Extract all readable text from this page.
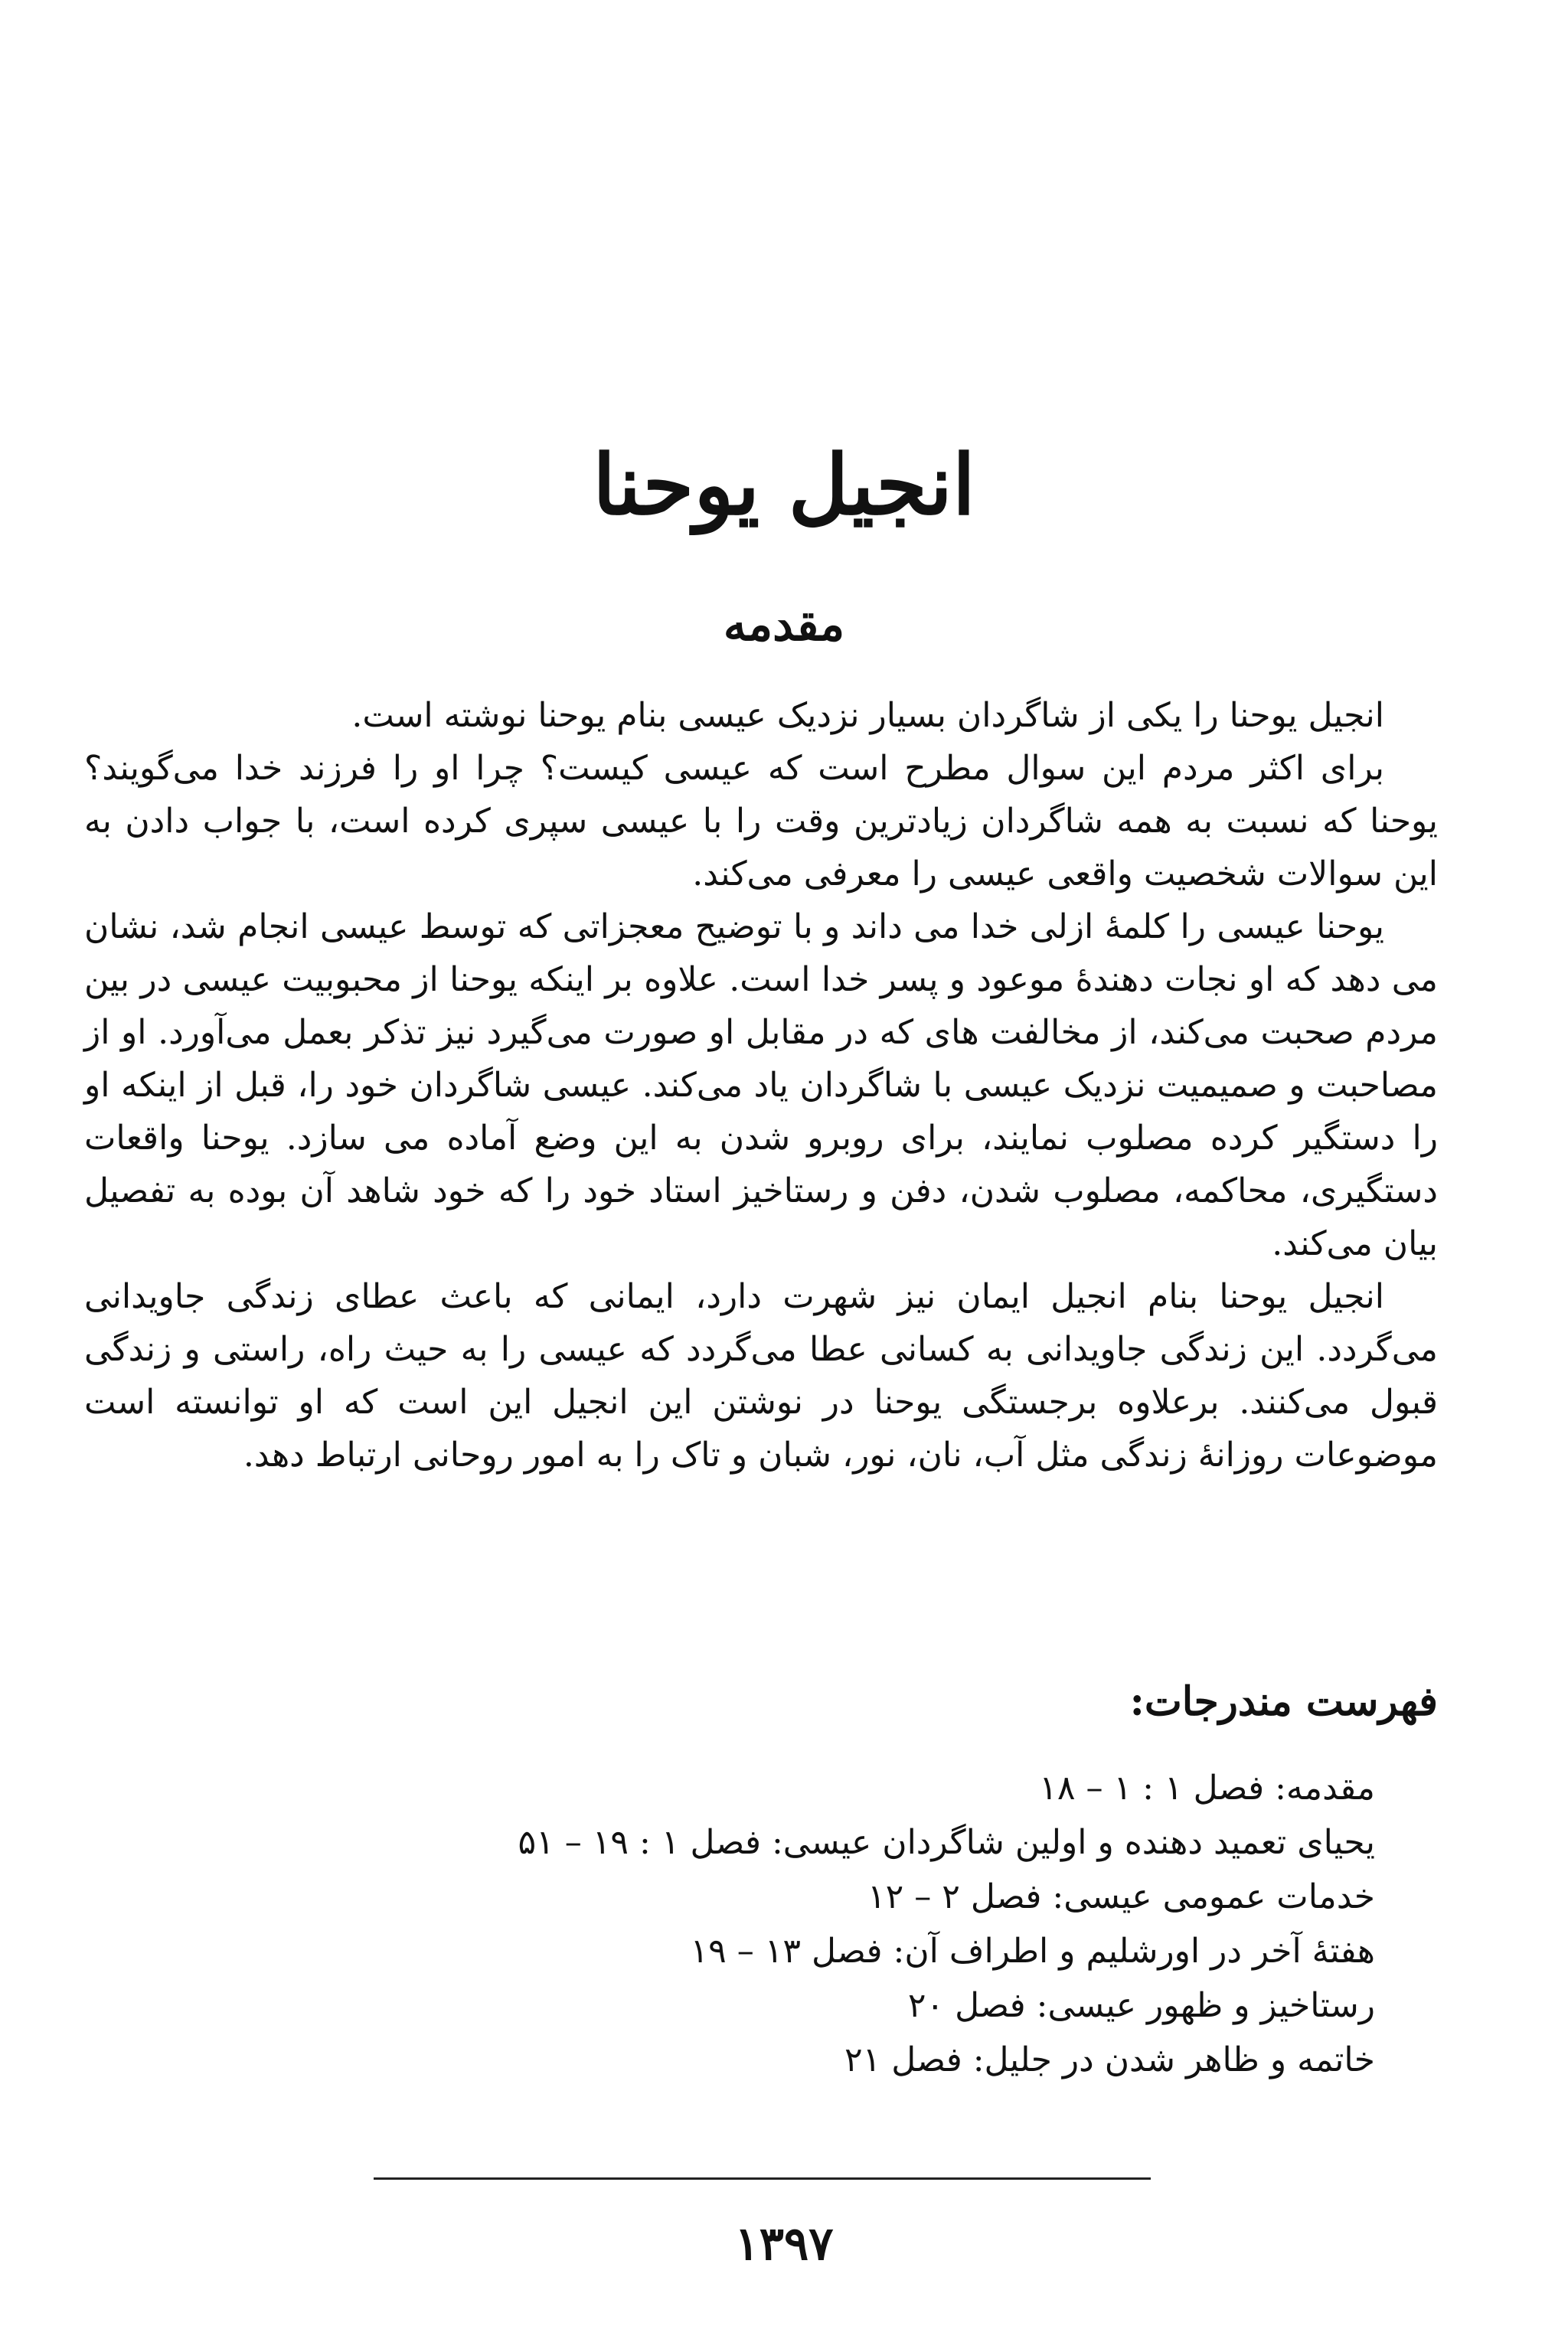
انجیل یوحنا
مقدمه

انجیل یوحنا را یکی از شاگردان بسیار نزدیک عیسی بنام یوحنا نوشته است.

برای اکثر مردم این سوال مطرح است که عیسی کیست؟ چرا او را فرزند خدا می‌گویند؟ یوحنا که نسبت به همه شاگردان زیادترین وقت را با عیسی سپری کرده است، با جواب دادن به این سوالات شخصیت واقعی عیسی را معرفی می‌کند.

یوحنا عیسی را کلمهٔ ازلی خدا می داند و با توضیح معجزاتی که توسط عیسی انجام شد، نشان می دهد که او نجات دهندهٔ موعود و پسر خدا است. علاوه بر اینکه یوحنا از محبوبیت عیسی در بین مردم صحبت می‌کند، از مخالفت های که در مقابل او صورت می‌گیرد نیز تذکر بعمل می‌آورد. او از مصاحبت و صمیمیت نزدیک عیسی با شاگردان یاد می‌کند. عیسی شاگردان خود را، قبل از اینکه او را دستگیر کرده مصلوب نمایند، برای روبرو شدن به این وضع آماده می سازد. یوحنا واقعات دستگیری، محاکمه، مصلوب شدن، دفن و رستاخیز استاد خود را که خود شاهد آن بوده به تفصیل بیان می‌کند.

انجیل یوحنا بنام انجیل ایمان نیز شهرت دارد، ایمانی که باعث عطای زندگی جاویدانی می‌گردد. این زندگی جاویدانی به کسانی عطا می‌گردد که عیسی را به حیث راه، راستی و زندگی قبول می‌کنند. برعلاوه برجستگی یوحنا در نوشتن این انجیل این است که او توانسته است موضوعات روزانهٔ زندگی مثل آب، نان، نور، شبان و تاک را به امور روحانی ارتباط دهد.

فهرست مندرجات:
مقدمه: فصل ۱ : ۱ – ۱۸
یحیای تعمید دهنده و اولین شاگردان عیسی: فصل ۱ : ۱۹ – ۵۱
خدمات عمومی عیسی: فصل ۲ – ۱۲
هفتهٔ آخر در اورشلیم و اطراف آن: فصل ۱۳ – ۱۹
رستاخیز و ظهور عیسی: فصل ۲۰
خاتمه و ظاهر شدن در جلیل: فصل ۲۱
۱۳۹۷
